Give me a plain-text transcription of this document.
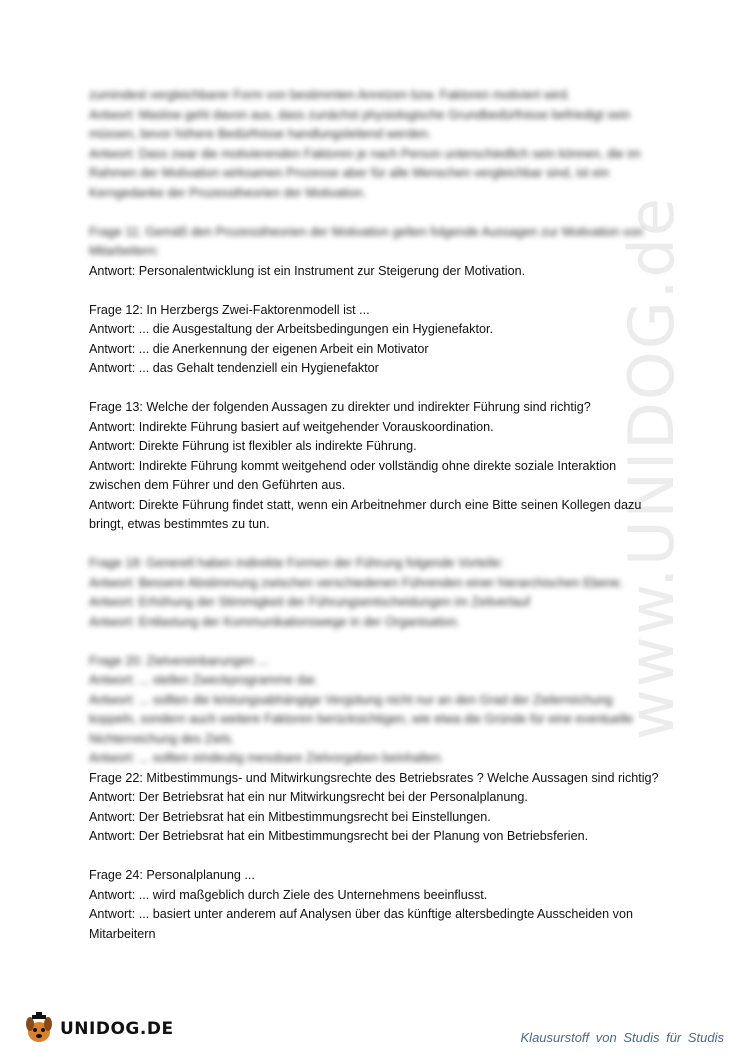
www.UNIDOG.de
zumindest vergleichbarer Form von bestimmten Anreizen bzw. Faktoren motiviert wird.
Antwort: Maslow geht davon aus, dass zunächst physiologische Grundbedürfnisse befriedigt sein
müssen, bevor höhere Bedürfnisse handlungsleitend werden.
Antwort: Dass zwar die motivierenden Faktoren je nach Person unterschiedlich sein können, die im
Rahmen der Motivation wirksamen Prozesse aber für alle Menschen vergleichbar sind, ist ein
Kerngedanke der Prozesstheorien der Motivation.
Frage 11: Gemäß den Prozesstheorien der Motivation gelten folgende Aussagen zur Motivation von
Mitarbeitern:
Antwort: Personalentwicklung ist ein Instrument zur Steigerung der Motivation.
Frage 12: In Herzbergs Zwei-Faktorenmodell ist ...
Antwort: ... die Ausgestaltung der Arbeitsbedingungen ein Hygienefaktor.
Antwort: ... die Anerkennung der eigenen Arbeit ein Motivator
Antwort: ... das Gehalt tendenziell ein Hygienefaktor
Frage 13: Welche der folgenden Aussagen zu direkter und indirekter Führung sind richtig?
Antwort: Indirekte Führung basiert auf weitgehender Vorauskoordination.
Antwort: Direkte Führung ist flexibler als indirekte Führung.
Antwort: Indirekte Führung kommt weitgehend oder vollständig ohne direkte soziale Interaktion zwischen dem Führer und den Geführten aus.
Antwort: Direkte Führung findet statt, wenn ein Arbeitnehmer durch eine Bitte seinen Kollegen dazu bringt, etwas bestimmtes zu tun.
Frage 18: Generell haben indirekte Formen der Führung folgende Vorteile:
Antwort: Bessere Abstimmung zwischen verschiedenen Führenden einer hierarchischen Ebene.
Antwort: Erhöhung der Stimmigkeit der Führungsentscheidungen im Zeitverlauf
Antwort: Entlastung der Kommunikationswege in der Organisation.
Frage 20: Zielvereinbarungen ...
Antwort: ... stellen Zweckprogramme dar.
Antwort: ... sollten die leistungsabhängige Vergütung nicht nur an den Grad der Zielerreichung
koppeln, sondern auch weitere Faktoren berücksichtigen, wie etwa die Gründe für eine eventuelle
Nichterreichung des Ziels.
Antwort: ... sollten eindeutig messbare Zielvorgaben beinhalten.
Frage 22: Mitbestimmungs- und Mitwirkungsrechte des Betriebsrates ? Welche Aussagen sind richtig?
Antwort: Der Betriebsrat hat ein nur Mitwirkungsrecht bei der Personalplanung.
Antwort: Der Betriebsrat hat ein Mitbestimmungsrecht bei Einstellungen.
Antwort: Der Betriebsrat hat ein Mitbestimmungsrecht bei der Planung von Betriebsferien.
Frage 24: Personalplanung ...
Antwort: ... wird maßgeblich durch Ziele des Unternehmens beeinflusst.
Antwort: ... basiert unter anderem auf Analysen über das künftige altersbedingte Ausscheiden von Mitarbeitern
UNIDOG.DE	Klausurstoff von Studis für Studis
